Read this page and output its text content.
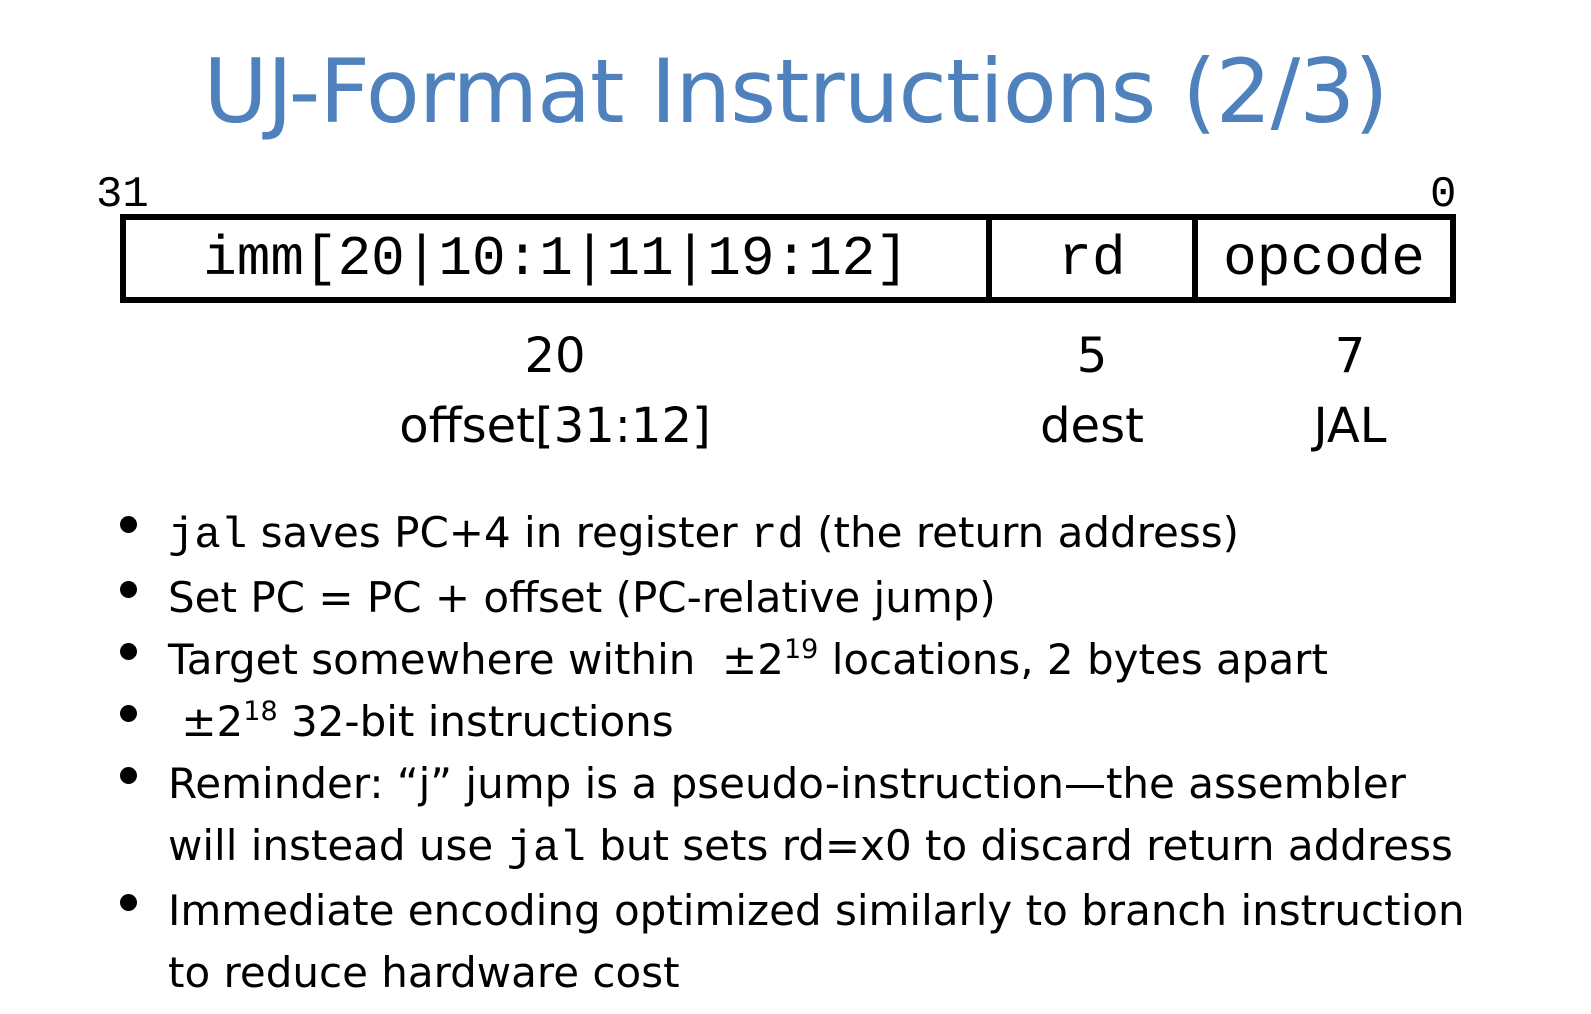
UJ-Format Instructions (2/3)
31	0
imm[20|10:1|11|19:12]	rd	opcode
20	5	7
offset[31:12]	dest	JAL
jal saves PC+4 in register rd (the return address)
Set PC = PC + offset (PC-relative jump)
Target somewhere within  $\pm 2^{19}$ locations, 2 bytes apart
$\pm 2^{18}$ 32-bit instructions
Reminder: “j” jump is a pseudo-instruction—the assembler
will instead use jal but sets rd=x0 to discard return address
Immediate encoding optimized similarly to branch instruction
to reduce hardware cost
